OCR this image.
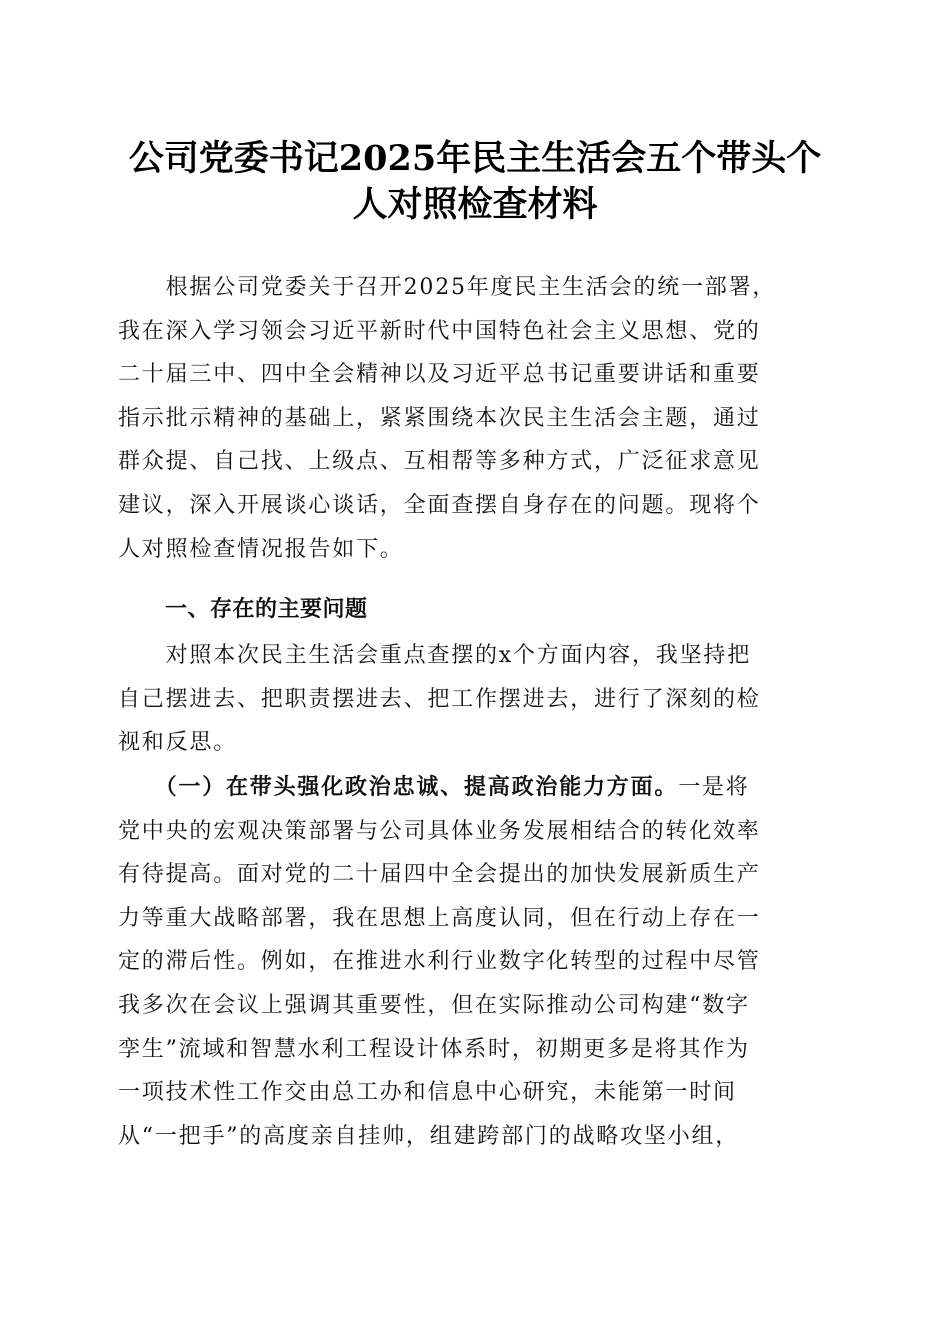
公司党委书记2025年民主生活会五个带头个
人对照检查材料
　　根据公司党委关于召开2025年度民主生活会的统一部署，
我在深入学习领会习近平新时代中国特色社会主义思想、党的
二十届三中、四中全会精神以及习近平总书记重要讲话和重要
指示批示精神的基础上，紧紧围绕本次民主生活会主题，通过
群众提、自己找、上级点、互相帮等多种方式，广泛征求意见
建议，深入开展谈心谈话，全面查摆自身存在的问题。现将个
人对照检查情况报告如下。
一、存在的主要问题
　　对照本次民主生活会重点查摆的x个方面内容，我坚持把
自己摆进去、把职责摆进去、把工作摆进去，进行了深刻的检
视和反思。
　　（一）在带头强化政治忠诚、提高政治能力方面。一是将
党中央的宏观决策部署与公司具体业务发展相结合的转化效率
有待提高。面对党的二十届四中全会提出的加快发展新质生产
力等重大战略部署，我在思想上高度认同，但在行动上存在一
定的滞后性。例如，在推进水利行业数字化转型的过程中尽管
我多次在会议上强调其重要性，但在实际推动公司构建“数字
孪生”流域和智慧水利工程设计体系时，初期更多是将其作为
一项技术性工作交由总工办和信息中心研究，未能第一时间
从“一把手”的高度亲自挂帅，组建跨部门的战略攻坚小组，
